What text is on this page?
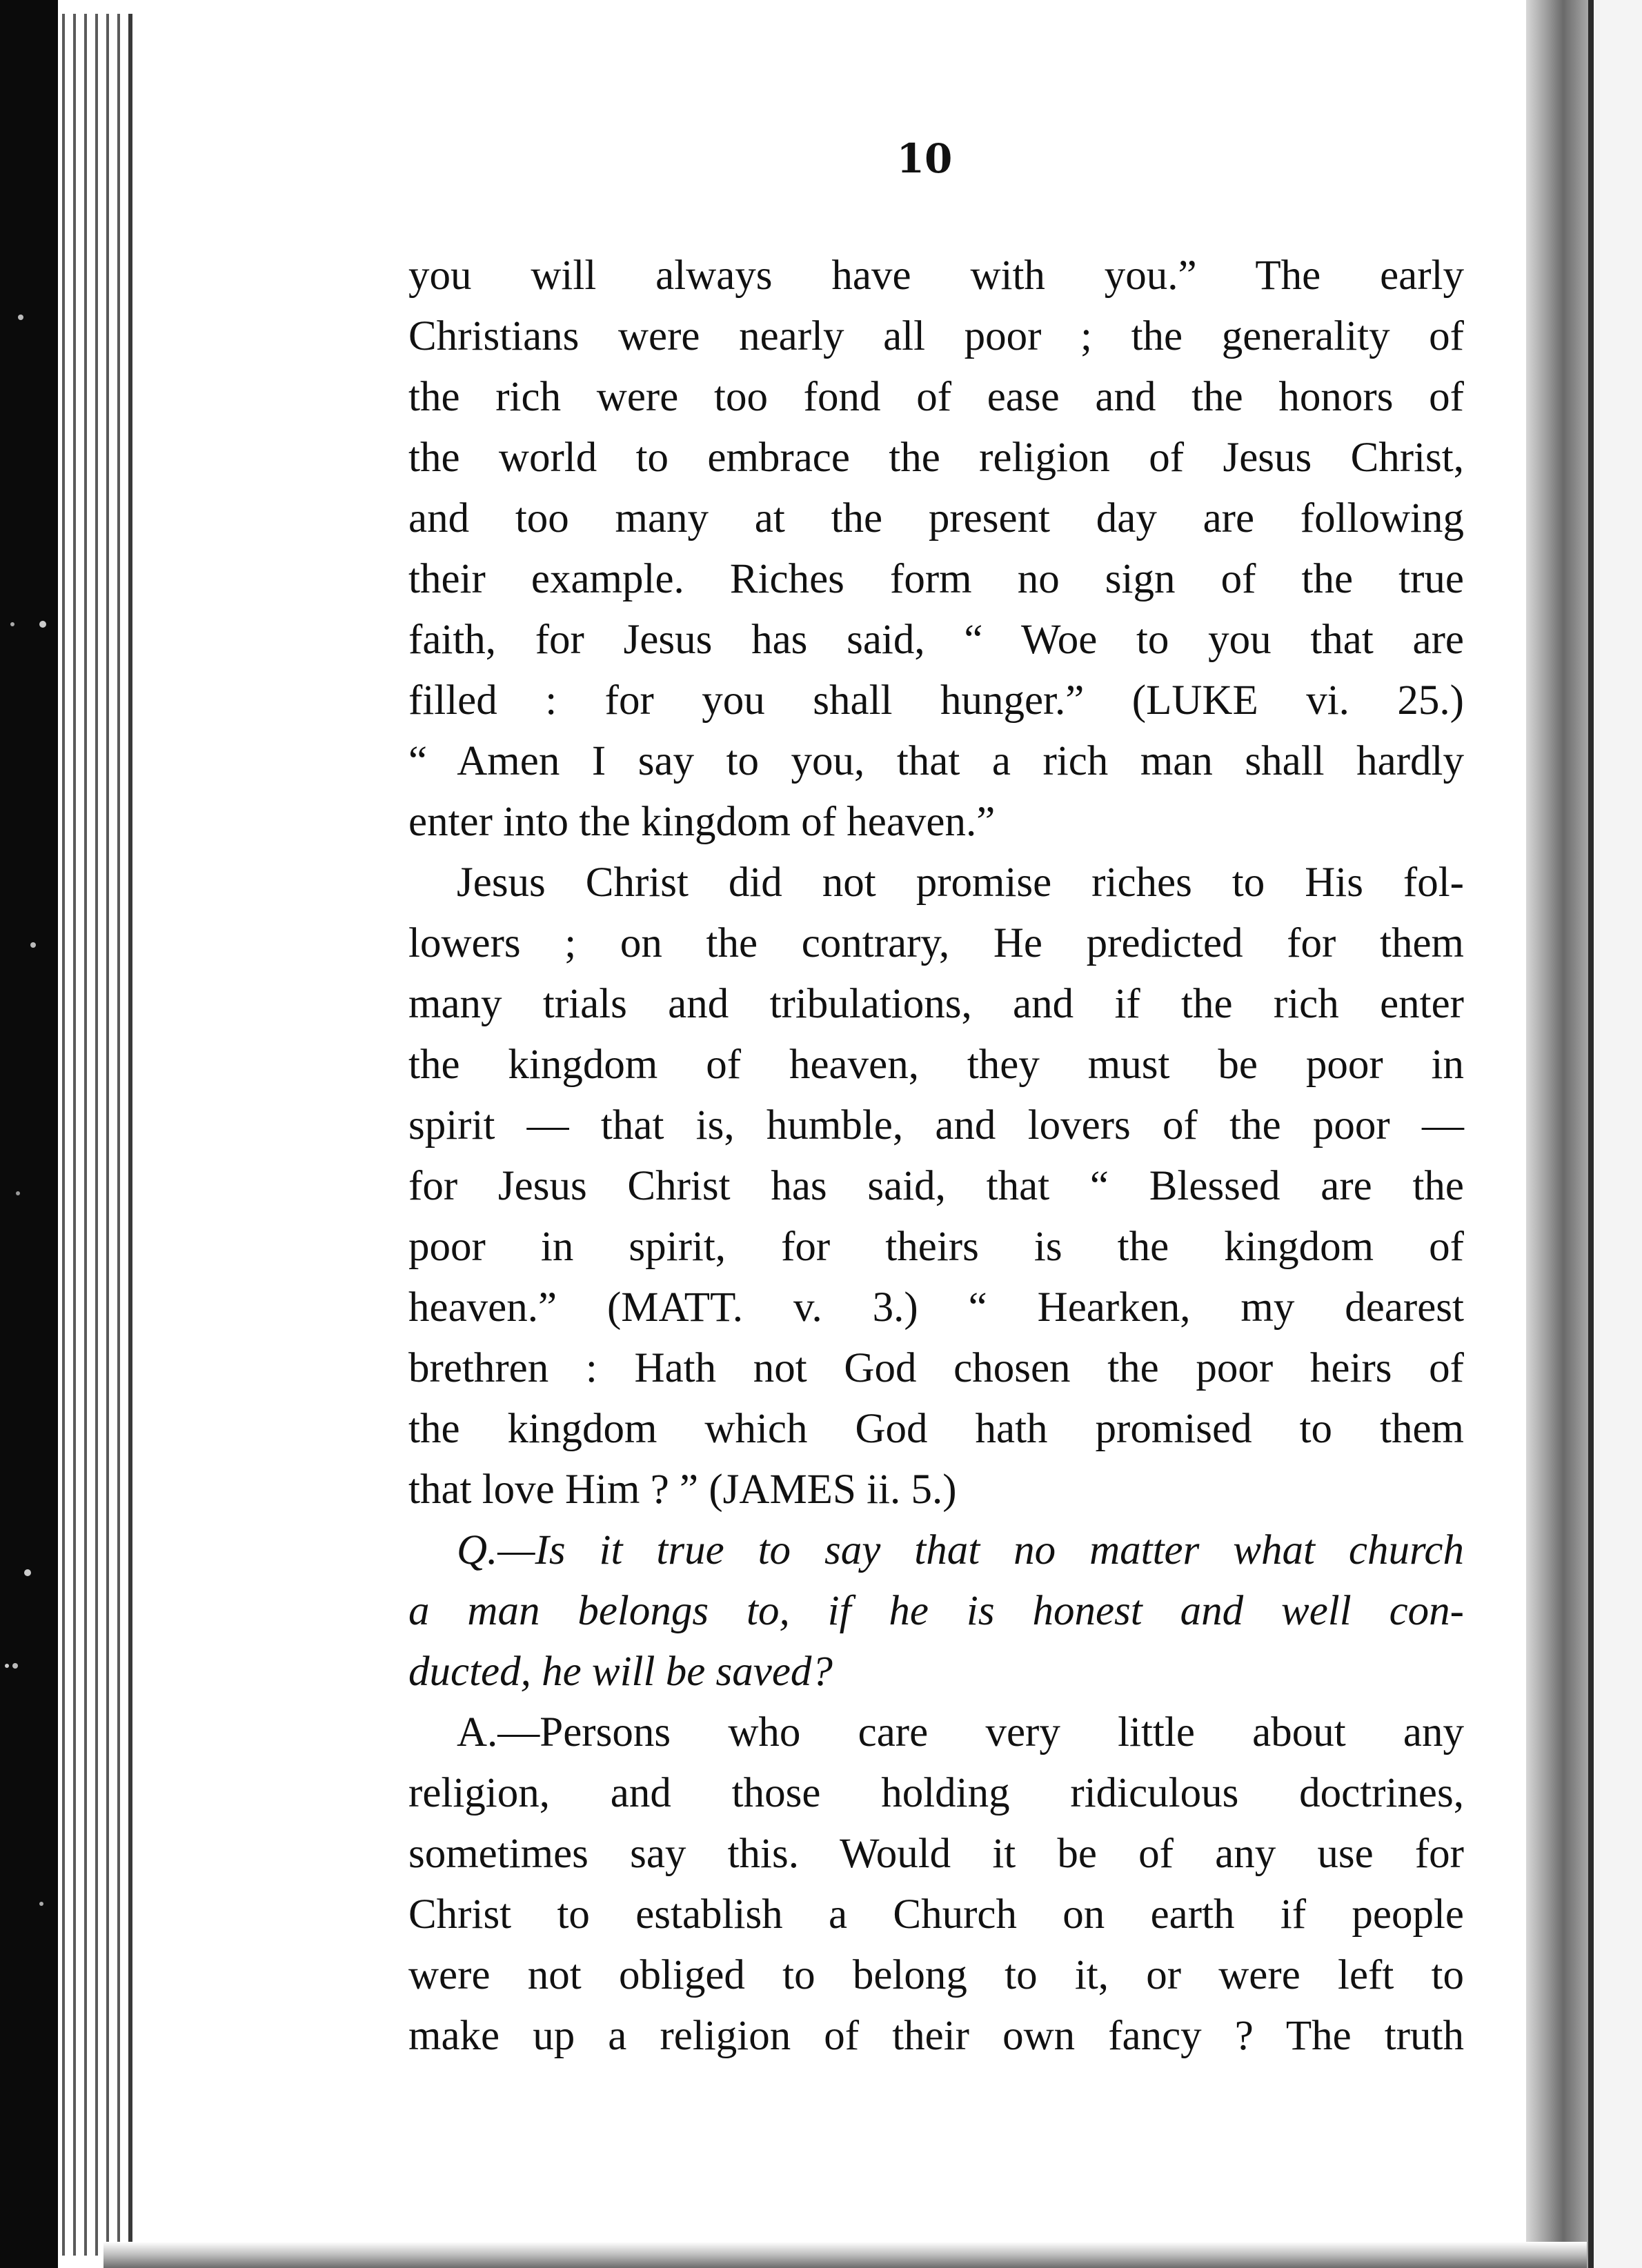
10
you will always have with you.” The early
Christians were nearly all poor ; the generality of
the rich were too fond of ease and the honors of
the world to embrace the religion of Jesus Christ,
and too many at the present day are following
their example. Riches form no sign of the true
faith, for Jesus has said, “ Woe to you that are
filled : for you shall hunger.” (LUKE vi. 25.)
“ Amen I say to you, that a rich man shall hardly
enter into the kingdom of heaven.”
Jesus Christ did not promise riches to His fol-
lowers ; on the contrary, He predicted for them
many trials and tribulations, and if the rich enter
the kingdom of heaven, they must be poor in
spirit — that is, humble, and lovers of the poor —
for Jesus Christ has said, that “ Blessed are the
poor in spirit, for theirs is the kingdom of
heaven.” (MATT. v. 3.) “ Hearken, my dearest
brethren : Hath not God chosen the poor heirs of
the kingdom which God hath promised to them
that love Him ? ” (JAMES ii. 5.)
Q.—Is it true to say that no matter what church
a man belongs to, if he is honest and well con-
ducted, he will be saved?
A.—Persons who care very little about any
religion, and those holding ridiculous doctrines,
sometimes say this. Would it be of any use for
Christ to establish a Church on earth if people
were not obliged to belong to it, or were left to
make up a religion of their own fancy ? The truth
